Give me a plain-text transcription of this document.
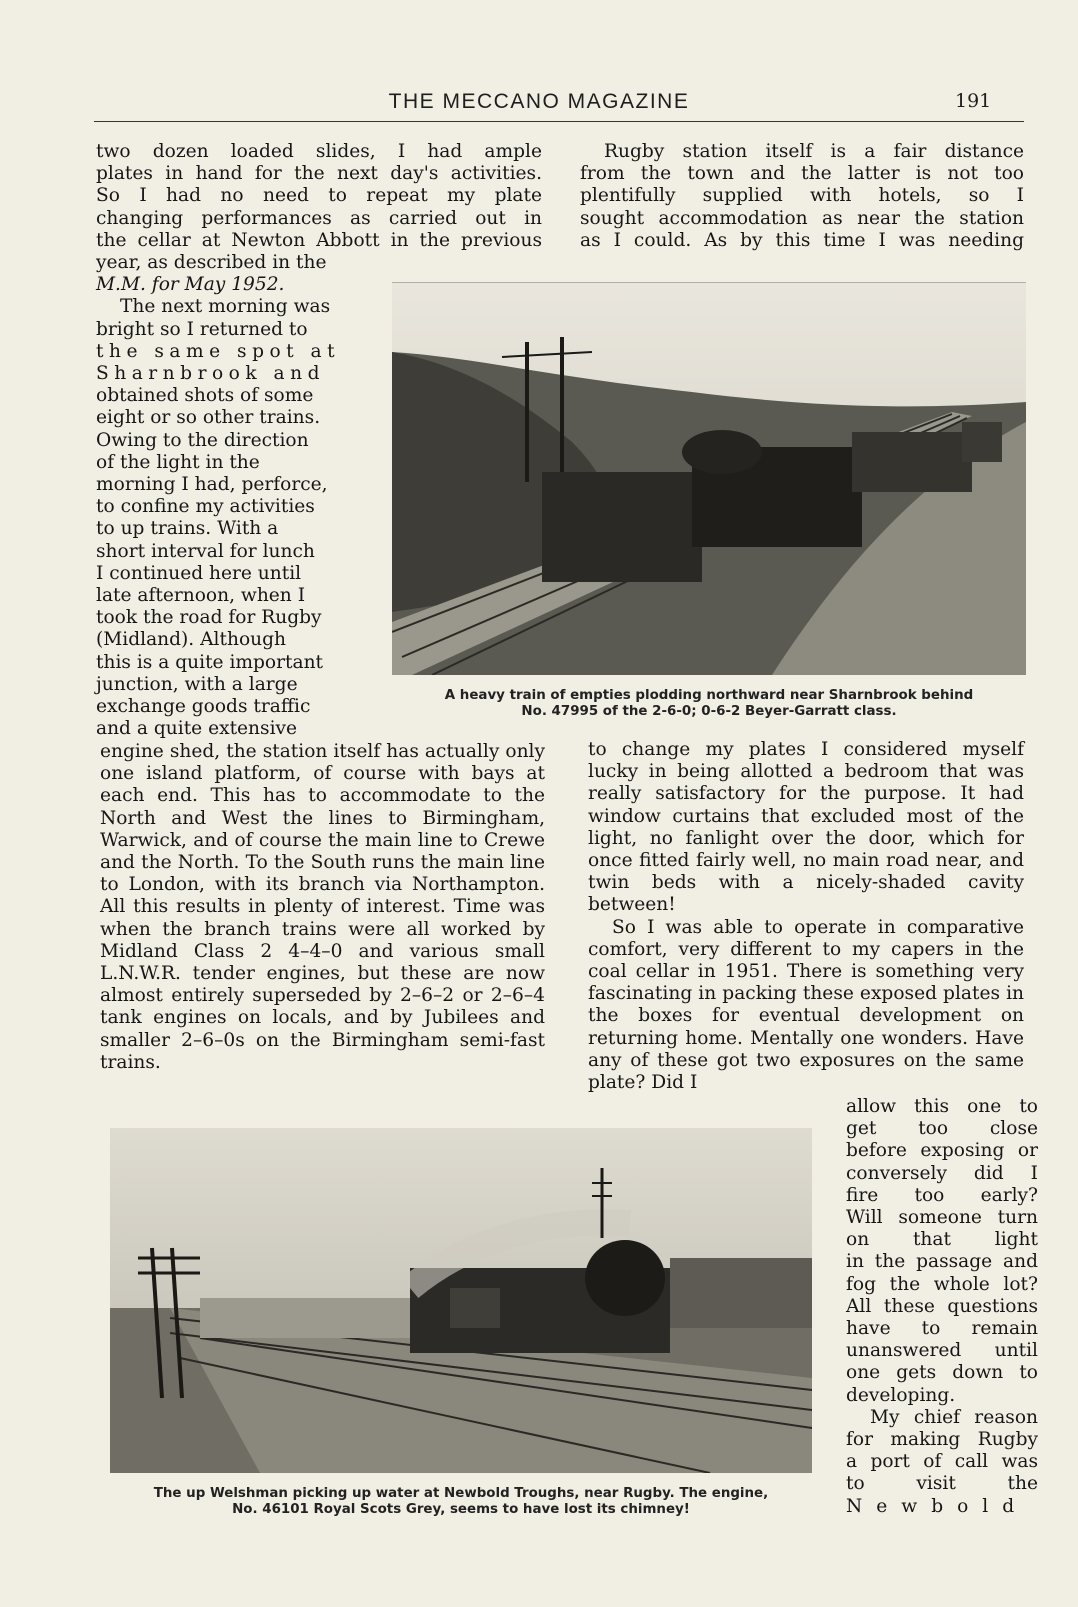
THE MECCANO MAGAZINE	191

two dozen loaded slides, I had ample

plates in hand for the next day's activities.

So I had no need to repeat my plate

changing performances as carried out in

the cellar at Newton Abbott in the previous

year, as described in the

M.M. for May 1952.

The next morning was

bright so I returned to

the same spot at

Sharnbrook and

obtained shots of some

eight or so other trains.

Owing to the direction

of the light in the

morning I had, perforce,

to confine my activities

to up trains. With a

short interval for lunch

I continued here until

late afternoon, when I

took the road for Rugby

(Midland). Although

this is a quite important

junction, with a large

exchange goods traffic

and a quite extensive

engine shed, the station itself has actually only one island platform, of course with bays at each end. This has to accommodate to the North and West the lines to Birmingham, Warwick, and of course the main line to Crewe and the North. To the South runs the main line to London, with its branch via Northampton. All this results in plenty of interest. Time was when the branch trains were all worked by Midland Class 2 4–4–0 and various small L.N.W.R. tender engines, but these are now almost entirely superseded by 2–6–2 or 2–6–4 tank engines on locals, and by Jubilees and smaller 2–6–0s on the Birmingham semi-fast trains.

Rugby station itself is a fair distance

from the town and the latter is not too

plentifully supplied with hotels, so I

sought accommodation as near the station

as I could. As by this time I was needing

A heavy train of empties plodding northward near Sharnbrook behind
No. 47995 of the 2-6-0; 0-6-2 Beyer-Garratt class.

to change my plates I considered myself lucky in being allotted a bedroom that was really satisfactory for the purpose. It had window curtains that excluded most of the light, no fanlight over the door, which for once fitted fairly well, no main road near, and twin beds with a nicely-shaded cavity between!

So I was able to operate in comparative comfort, very different to my capers in the coal cellar in 1951. There is something very fascinating in packing these exposed plates in the boxes for eventual development on returning home. Mentally one wonders. Have any of these got two exposures on the same plate? Did I

The up Welshman picking up water at Newbold Troughs, near Rugby. The engine,
No. 46101 Royal Scots Grey, seems to have lost its chimney!

allow this one to

get too close

before exposing or

conversely did I

fire too early?

Will someone turn

on that light

in the passage and

fog the whole lot?

All these questions

have to remain

unanswered until

one gets down to

developing.

My chief reason

for making Rugby

a port of call was

to visit the

Newbold
